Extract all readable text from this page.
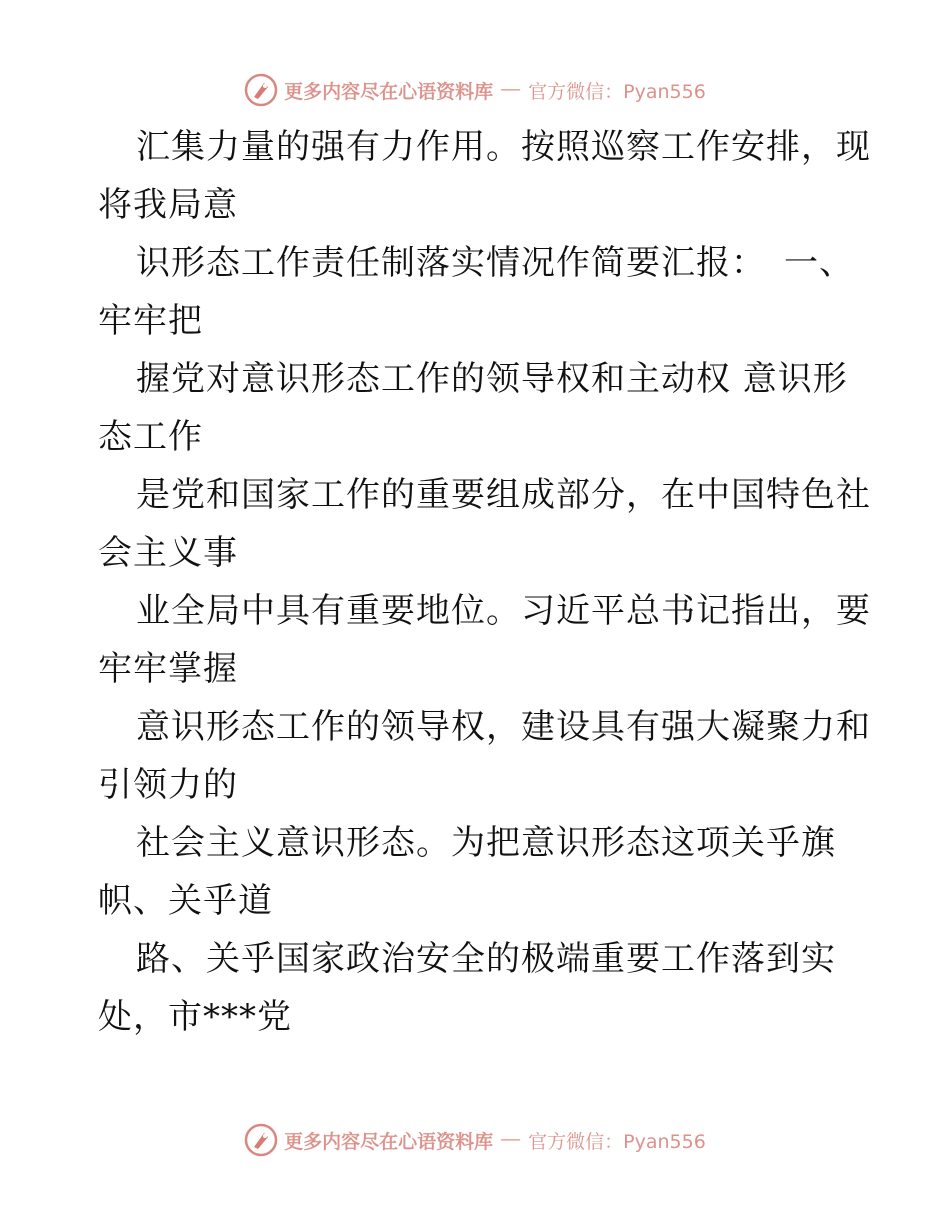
更多内容尽在心语资料库 — 官方微信：Pyan556
汇集力量的强有力作用。按照巡察工作安排，现
将我局意
识形态工作责任制落实情况作简要汇报：　一、
牢牢把
握党对意识形态工作的领导权和主动权 意识形
态工作
是党和国家工作的重要组成部分，在中国特色社
会主义事
业全局中具有重要地位。习近平总书记指出，要
牢牢掌握
意识形态工作的领导权，建设具有强大凝聚力和
引领力的
社会主义意识形态。为把意识形态这项关乎旗
帜、关乎道
路、关乎国家政治安全的极端重要工作落到实
处，市***党
更多内容尽在心语资料库 — 官方微信：Pyan556
